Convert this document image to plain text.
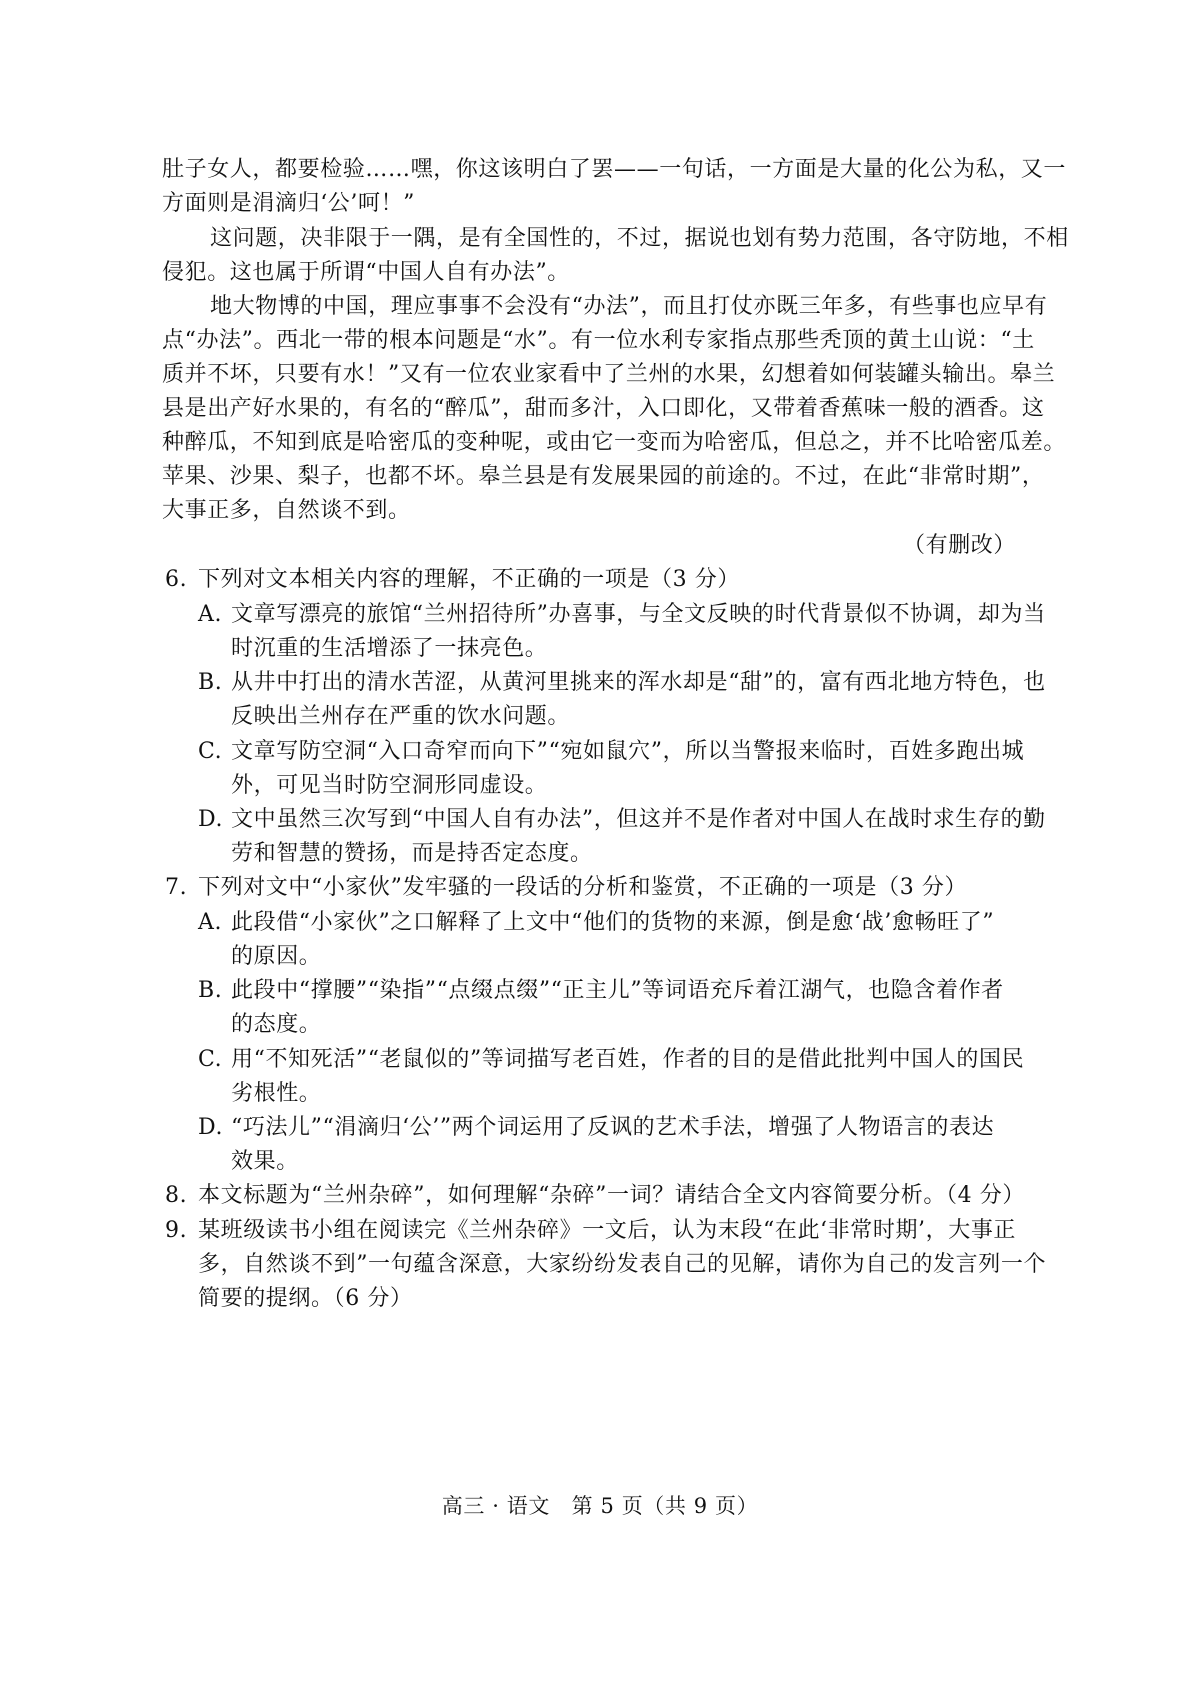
肚子女人，都要检验……嘿，你这该明白了罢——一句话，一方面是大量的化公为私，又一
方面则是涓滴归‘公’呵！”
这问题，决非限于一隅，是有全国性的，不过，据说也划有势力范围，各守防地，不相
侵犯。这也属于所谓“中国人自有办法”。
地大物博的中国，理应事事不会没有“办法”，而且打仗亦既三年多，有些事也应早有
点“办法”。西北一带的根本问题是“水”。有一位水利专家指点那些秃顶的黄土山说：“土
质并不坏，只要有水！”又有一位农业家看中了兰州的水果，幻想着如何装罐头输出。皋兰
县是出产好水果的，有名的“醉瓜”，甜而多汁，入口即化，又带着香蕉味一般的酒香。这
种醉瓜，不知到底是哈密瓜的变种呢，或由它一变而为哈密瓜，但总之，并不比哈密瓜差。
苹果、沙果、梨子，也都不坏。皋兰县是有发展果园的前途的。不过，在此“非常时期”，
大事正多，自然谈不到。
（有删改）
6. 下列对文本相关内容的理解，不正确的一项是（3 分）
A. 文章写漂亮的旅馆“兰州招待所”办喜事，与全文反映的时代背景似不协调，却为当
时沉重的生活增添了一抹亮色。
B. 从井中打出的清水苦涩，从黄河里挑来的浑水却是“甜”的，富有西北地方特色，也
反映出兰州存在严重的饮水问题。
C. 文章写防空洞“入口奇窄而向下”“宛如鼠穴”，所以当警报来临时，百姓多跑出城
外，可见当时防空洞形同虚设。
D. 文中虽然三次写到“中国人自有办法”，但这并不是作者对中国人在战时求生存的勤
劳和智慧的赞扬，而是持否定态度。
7. 下列对文中“小家伙”发牢骚的一段话的分析和鉴赏，不正确的一项是（3 分）
A. 此段借“小家伙”之口解释了上文中“他们的货物的来源，倒是愈‘战’愈畅旺了”
的原因。
B. 此段中“撑腰”“染指”“点缀点缀”“正主儿”等词语充斥着江湖气，也隐含着作者
的态度。
C. 用“不知死活”“老鼠似的”等词描写老百姓，作者的目的是借此批判中国人的国民
劣根性。
D. “巧法儿”“涓滴归‘公’”两个词运用了反讽的艺术手法，增强了人物语言的表达
效果。
8. 本文标题为“兰州杂碎”，如何理解“杂碎”一词？请结合全文内容简要分析。（4 分）
9. 某班级读书小组在阅读完《兰州杂碎》一文后，认为末段“在此‘非常时期’，大事正
多，自然谈不到”一句蕴含深意，大家纷纷发表自己的见解，请你为自己的发言列一个
简要的提纲。（6 分）
高三 · 语文　第 5 页（共 9 页）
